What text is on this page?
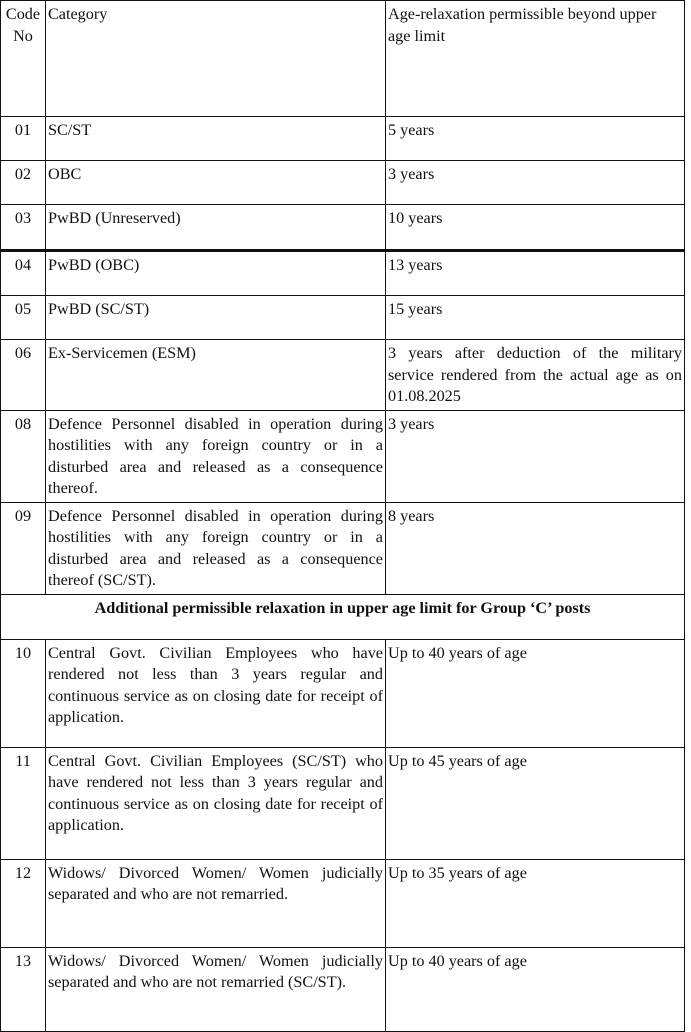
Code No	Category	Age-relaxation permissible beyond upper age limit
01	SC/ST	5 years
02	OBC	3 years
03	PwBD (Unreserved)	10 years
04	PwBD (OBC)	13 years
05	PwBD (SC/ST)	15 years
06	Ex-Servicemen (ESM)	3 years after deduction of the military service rendered from the actual age as on 01.08.2025
08	Defence Personnel disabled in operation during hostilities with any foreign country or in a disturbed area and released as a consequence thereof.	3 years
09	Defence Personnel disabled in operation during hostilities with any foreign country or in a disturbed area and released as a consequence thereof (SC/ST).	8 years
Additional permissible relaxation in upper age limit for Group ‘C’ posts		
10	Central Govt. Civilian Employees who have rendered not less than 3 years regular and continuous service as on closing date for receipt of application.	Up to 40 years of age
11	Central Govt. Civilian Employees (SC/ST) who have rendered not less than 3 years regular and continuous service as on closing date for receipt of application.	Up to 45 years of age
12	Widows/ Divorced Women/ Women judicially separated and who are not remarried.	Up to 35 years of age
13	Widows/ Divorced Women/ Women judicially separated and who are not remarried (SC/ST).	Up to 40 years of age
